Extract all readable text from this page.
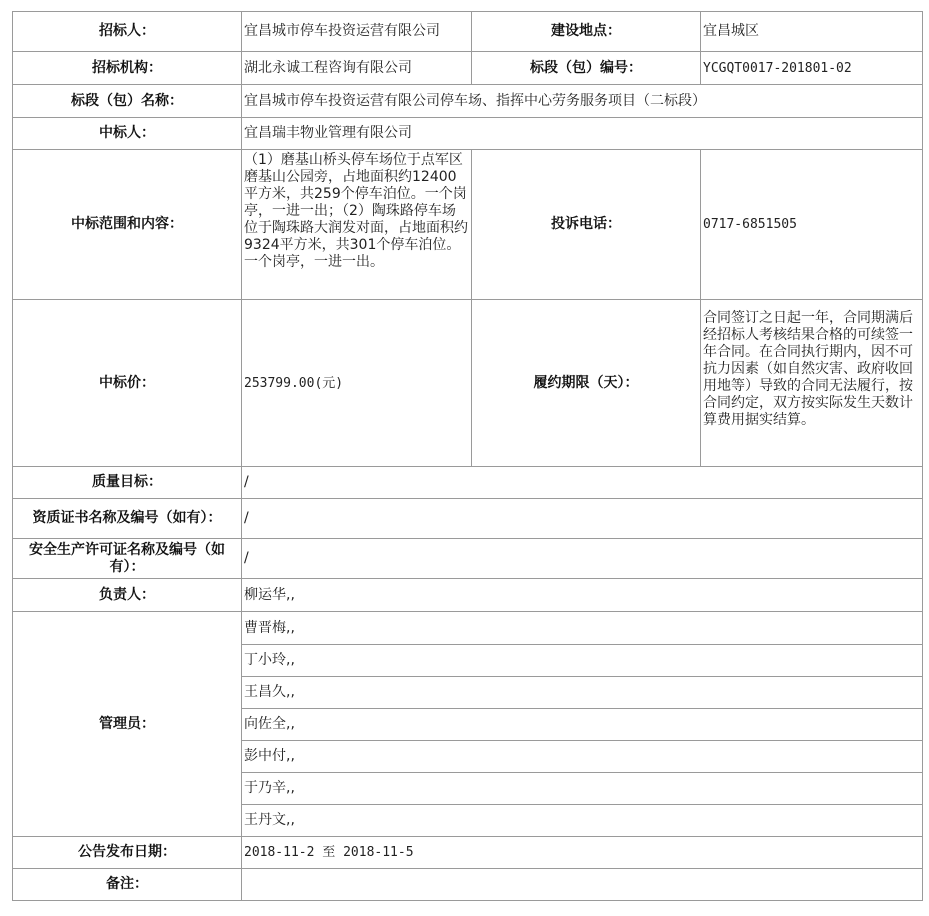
招标人：	宜昌城市停车投资运营有限公司	建设地点：	宜昌城区
招标机构：	湖北永诚工程咨询有限公司	标段（包）编号：	YCGQT0017-201801-02
标段（包）名称：	宜昌城市停车投资运营有限公司停车场、指挥中心劳务服务项目（二标段）		
中标人：	宜昌瑞丰物业管理有限公司		
中标范围和内容：	（1）磨基山桥头停车场位于点军区磨基山公园旁，占地面积约12400平方米，共259个停车泊位。一个岗亭，一进一出；（2）陶珠路停车场位于陶珠路大润发对面，占地面积约9324平方米，共301个停车泊位。一个岗亭，一进一出。	投诉电话：	0717-6851505
中标价：	253799.00(元)	履约期限（天）：	合同签订之日起一年，合同期满后经招标人考核结果合格的可续签一年合同。在合同执行期内，因不可抗力因素（如自然灾害、政府收回用地等）导致的合同无法履行，按合同约定，双方按实际发生天数计算费用据实结算。
质量目标：	/		
资质证书名称及编号（如有）：	/		
安全生产许可证名称及编号（如有）：	/		
负责人：	柳运华,,		
管理员：	曹晋梅,,		
	丁小玲,,		
	王昌久,,		
	向佐全,,		
	彭中付,,		
	于乃辛,,		
	王丹文,,		
公告发布日期：	2018-11-2 至 2018-11-5		
备注：			
